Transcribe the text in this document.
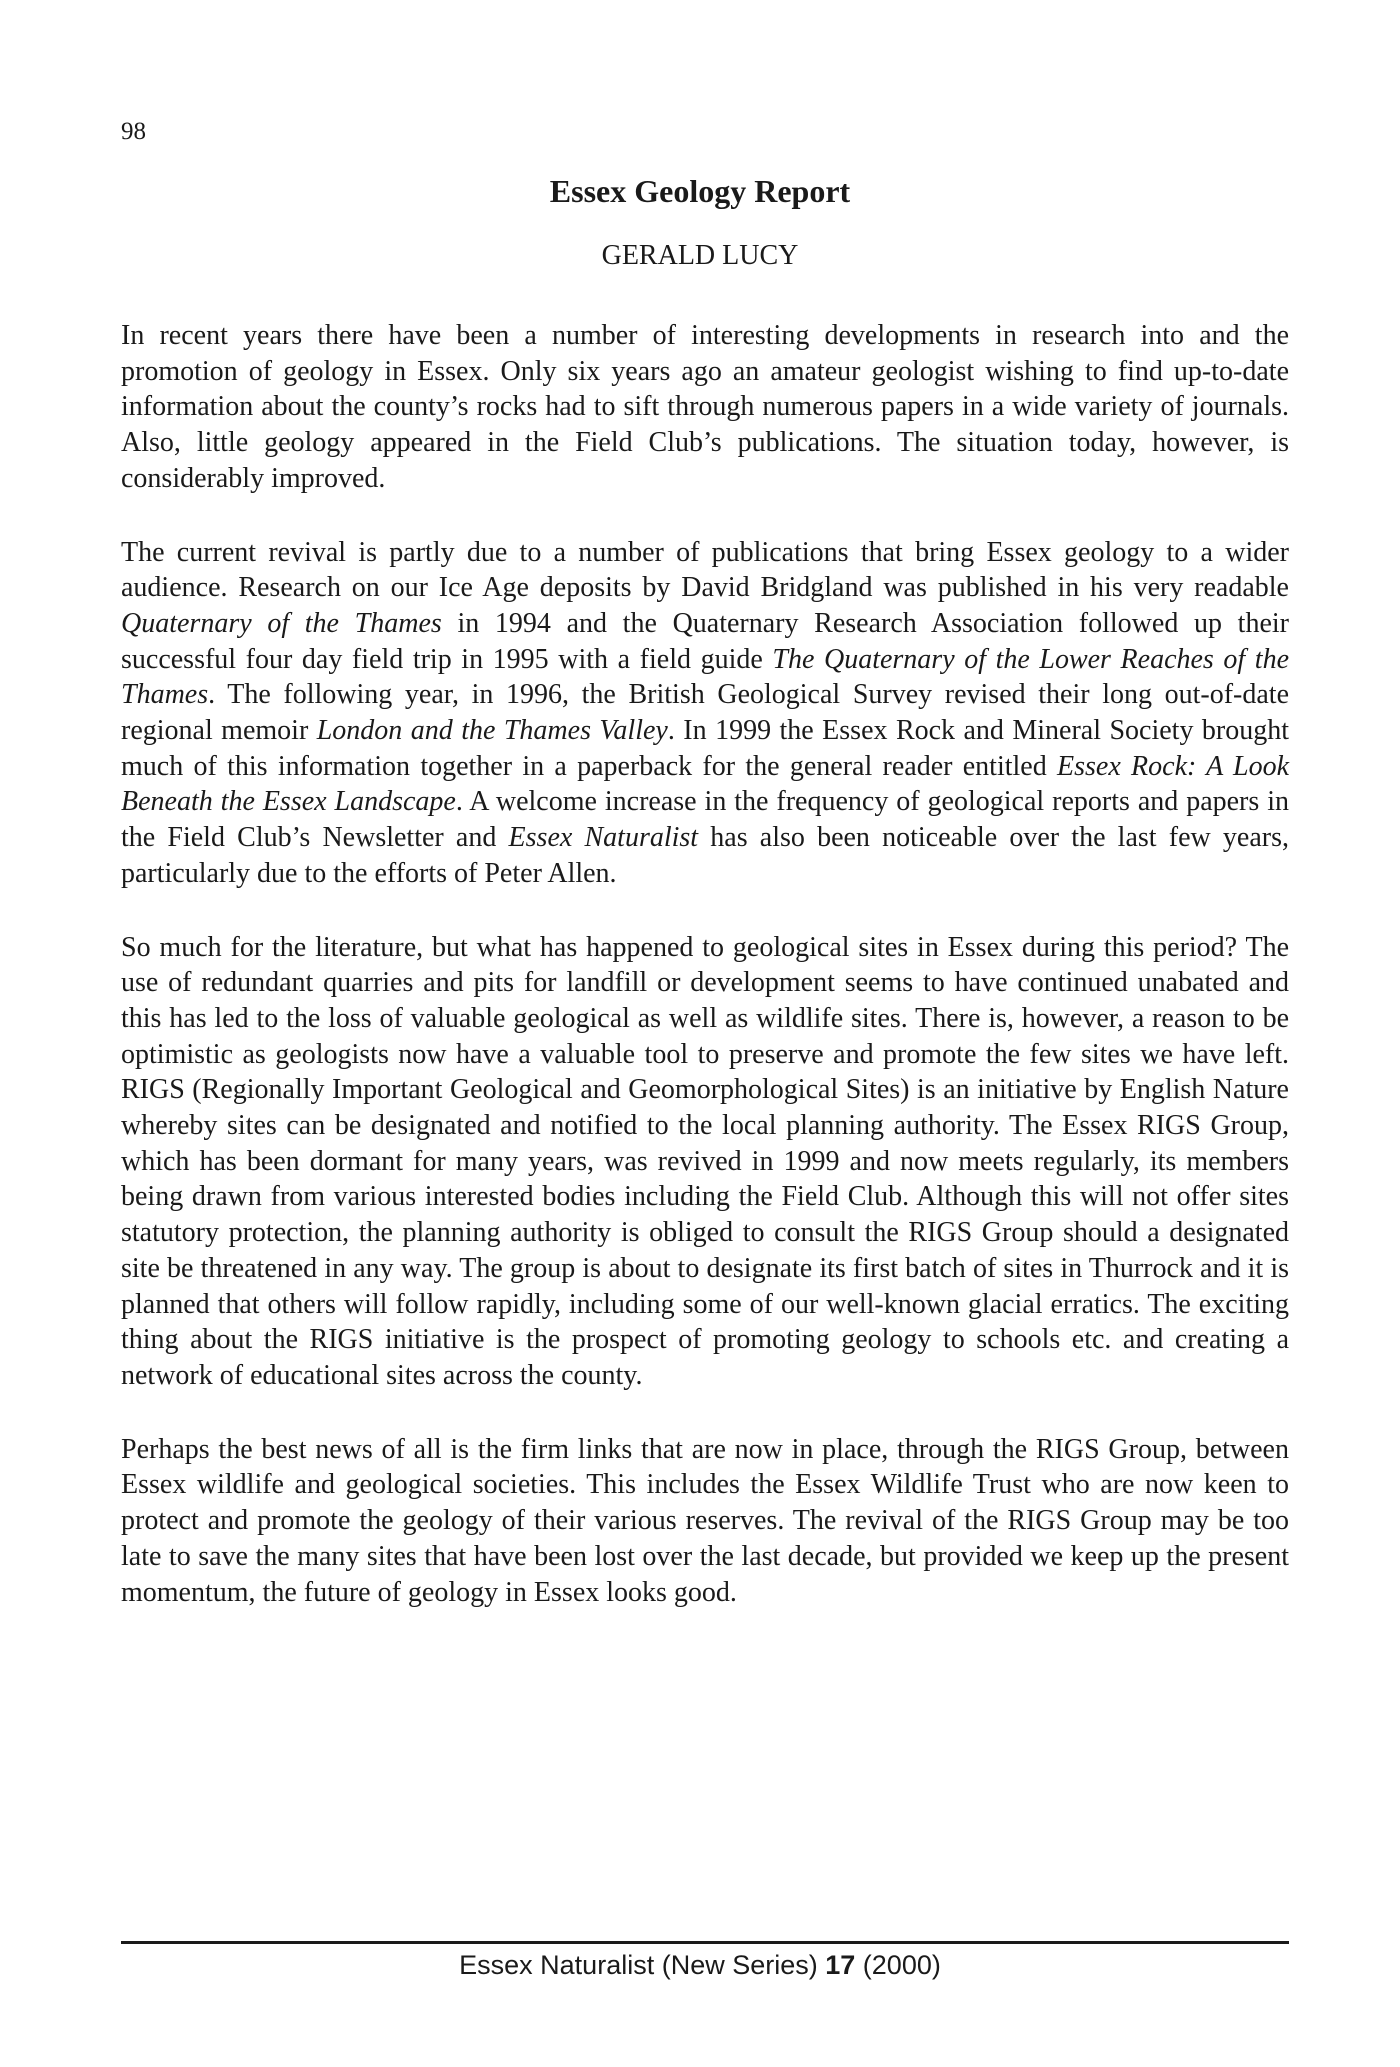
98
Essex Geology Report
GERALD LUCY

In recent years there have been a number of interesting developments in research into and the promotion of geology in Essex. Only six years ago an amateur geologist wishing to find up-to-date information about the county’s rocks had to sift through numerous papers in a wide variety of journals. Also, little geology appeared in the Field Club’s publications. The situation today, however, is considerably improved.

The current revival is partly due to a number of publications that bring Essex geology to a wider audience. Research on our Ice Age deposits by David Bridgland was published in his very readable Quaternary of the Thames in 1994 and the Quaternary Research Association followed up their successful four day field trip in 1995 with a field guide The Quaternary of the Lower Reaches of the Thames. The following year, in 1996, the British Geological Survey revised their long out-of-date regional memoir London and the Thames Valley. In 1999 the Essex Rock and Mineral Society brought much of this information together in a paperback for the general reader entitled Essex Rock: A Look Beneath the Essex Landscape. A welcome increase in the frequency of geological reports and papers in the Field Club’s Newsletter and Essex Naturalist has also been noticeable over the last few years, particularly due to the efforts of Peter Allen.

So much for the literature, but what has happened to geological sites in Essex during this period? The use of redundant quarries and pits for landfill or development seems to have continued unabated and this has led to the loss of valuable geological as well as wildlife sites. There is, however, a reason to be optimistic as geologists now have a valuable tool to preserve and promote the few sites we have left. RIGS (Regionally Important Geological and Geomorphological Sites) is an initiative by English Nature whereby sites can be designated and notified to the local planning authority. The Essex RIGS Group, which has been dormant for many years, was revived in 1999 and now meets regularly, its members being drawn from various interested bodies including the Field Club. Although this will not offer sites statutory protection, the planning authority is obliged to consult the RIGS Group should a designated site be threatened in any way. The group is about to designate its first batch of sites in Thurrock and it is planned that others will follow rapidly, including some of our well-known glacial erratics. The exciting thing about the RIGS initiative is the prospect of promoting geology to schools etc. and creating a network of educational sites across the county.

Perhaps the best news of all is the firm links that are now in place, through the RIGS Group, between Essex wildlife and geological societies. This includes the Essex Wildlife Trust who are now keen to protect and promote the geology of their various reserves. The revival of the RIGS Group may be too late to save the many sites that have been lost over the last decade, but provided we keep up the present momentum, the future of geology in Essex looks good.

Essex Naturalist (New Series) 17 (2000)
